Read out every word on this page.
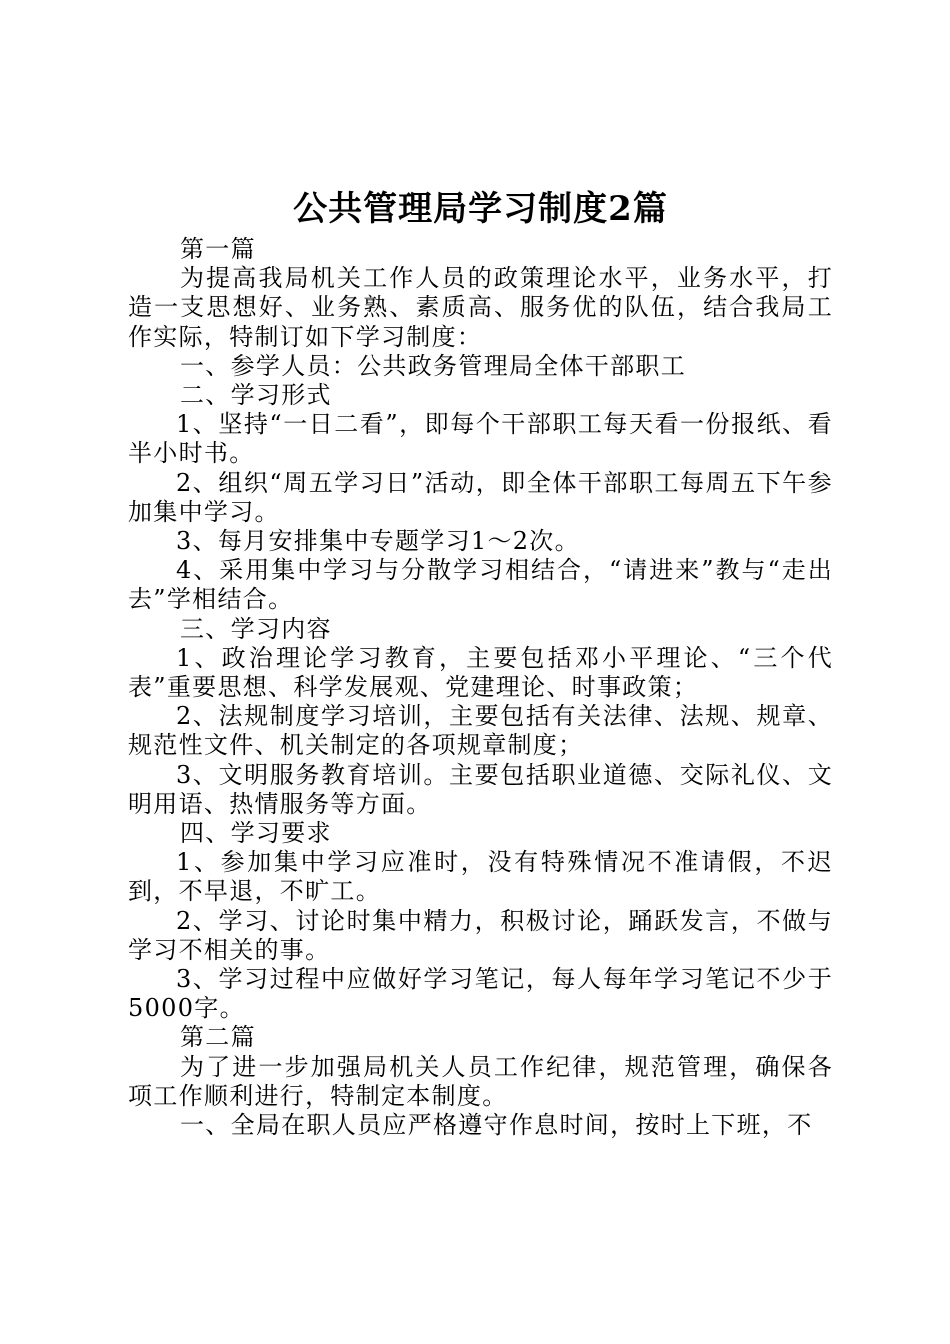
公共管理局学习制度2篇

第一篇

为提高我局机关工作人员的政策理论水平，业务水平，打造一支思想好、业务熟、素质高、服务优的队伍，结合我局工作实际，特制订如下学习制度：

一、参学人员：公共政务管理局全体干部职工

二、学习形式

1、坚持“一日二看”，即每个干部职工每天看一份报纸、看半小时书。

2、组织“周五学习日”活动，即全体干部职工每周五下午参加集中学习。

3、每月安排集中专题学习1～2次。

4、采用集中学习与分散学习相结合，“请进来”教与“走出去”学相结合。

三、学习内容

1、政治理论学习教育，主要包括邓小平理论、“三个代表”重要思想、科学发展观、党建理论、时事政策；

2、法规制度学习培训，主要包括有关法律、法规、规章、规范性文件、机关制定的各项规章制度；

3、文明服务教育培训。主要包括职业道德、交际礼仪、文明用语、热情服务等方面。

四、学习要求

1、参加集中学习应准时，没有特殊情况不准请假，不迟到，不早退，不旷工。

2、学习、讨论时集中精力，积极讨论，踊跃发言，不做与学习不相关的事。

3、学习过程中应做好学习笔记，每人每年学习笔记不少于5000字。

第二篇

为了进一步加强局机关人员工作纪律，规范管理，确保各项工作顺利进行，特制定本制度。

一、全局在职人员应严格遵守作息时间，按时上下班，不
